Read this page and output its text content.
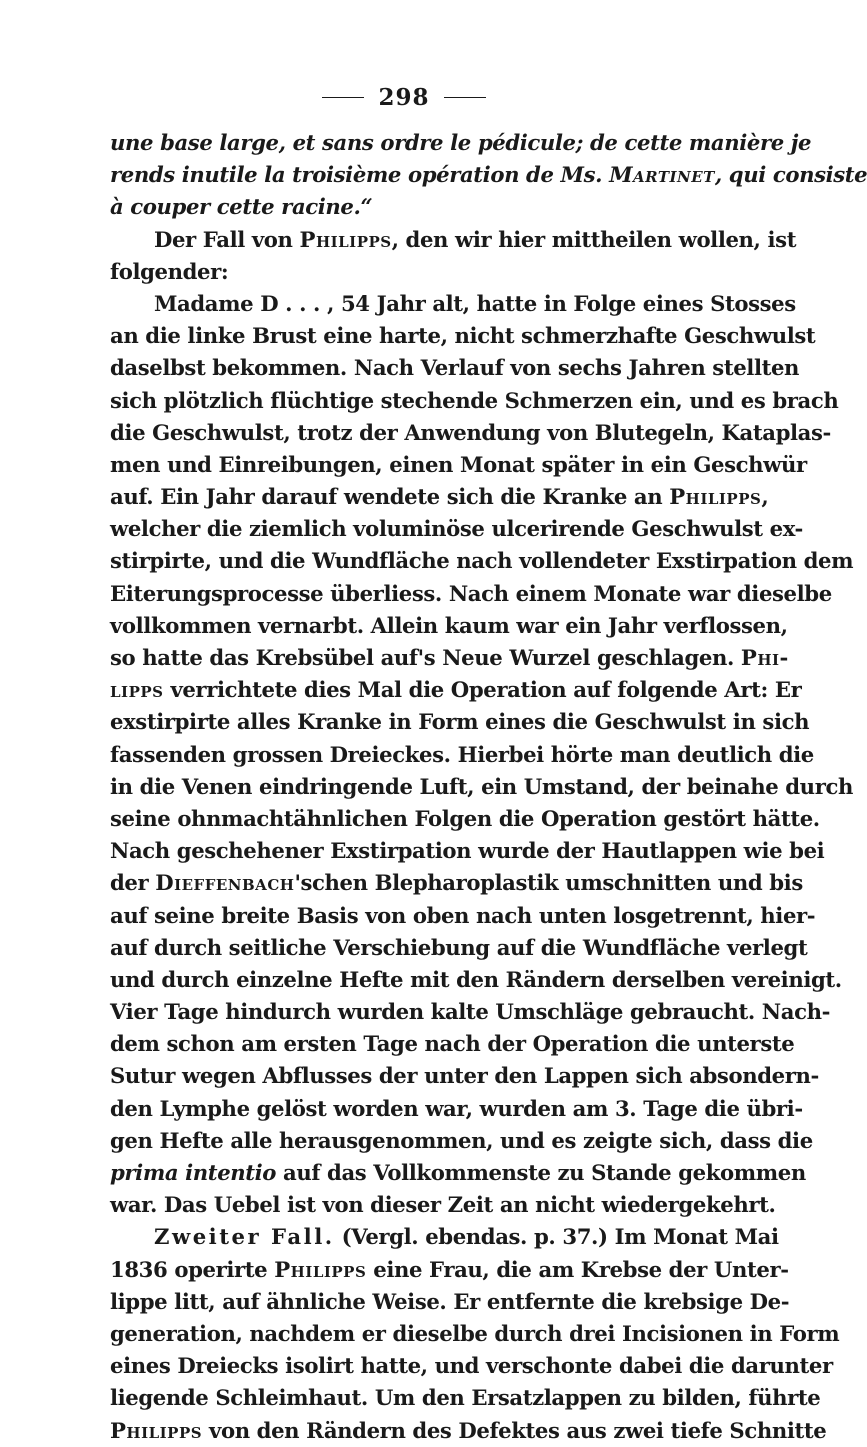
298
une base large, et sans ordre le pédicule; de cette manière je
rends inutile la troisième opération de Ms. Martinet, qui consiste
à couper cette racine.“
Der Fall von Philipps, den wir hier mittheilen wollen, ist
folgender:
Madame D . . . , 54 Jahr alt, hatte in Folge eines Stosses
an die linke Brust eine harte, nicht schmerzhafte Geschwulst
daselbst bekommen. Nach Verlauf von sechs Jahren stellten
sich plötzlich flüchtige stechende Schmerzen ein, und es brach
die Geschwulst, trotz der Anwendung von Blutegeln, Kataplas-
men und Einreibungen, einen Monat später in ein Geschwür
auf. Ein Jahr darauf wendete sich die Kranke an Philipps,
welcher die ziemlich voluminöse ulcerirende Geschwulst ex-
stirpirte, und die Wundfläche nach vollendeter Exstirpation dem
Eiterungsprocesse überliess. Nach einem Monate war dieselbe
vollkommen vernarbt. Allein kaum war ein Jahr verflossen,
so hatte das Krebsübel auf's Neue Wurzel geschlagen. Phi-
lipps verrichtete dies Mal die Operation auf folgende Art: Er
exstirpirte alles Kranke in Form eines die Geschwulst in sich
fassenden grossen Dreieckes. Hierbei hörte man deutlich die
in die Venen eindringende Luft, ein Umstand, der beinahe durch
seine ohnmachtähnlichen Folgen die Operation gestört hätte.
Nach geschehener Exstirpation wurde der Hautlappen wie bei
der Dieffenbach'schen Blepharoplastik umschnitten und bis
auf seine breite Basis von oben nach unten losgetrennt, hier-
auf durch seitliche Verschiebung auf die Wundfläche verlegt
und durch einzelne Hefte mit den Rändern derselben vereinigt.
Vier Tage hindurch wurden kalte Umschläge gebraucht. Nach-
dem schon am ersten Tage nach der Operation die unterste
Sutur wegen Abflusses der unter den Lappen sich absondern-
den Lymphe gelöst worden war, wurden am 3. Tage die übri-
gen Hefte alle herausgenommen, und es zeigte sich, dass die
prima intentio auf das Vollkommenste zu Stande gekommen
war. Das Uebel ist von dieser Zeit an nicht wiedergekehrt.
Zweiter Fall. (Vergl. ebendas. p. 37.) Im Monat Mai
1836 operirte Philipps eine Frau, die am Krebse der Unter-
lippe litt, auf ähnliche Weise. Er entfernte die krebsige De-
generation, nachdem er dieselbe durch drei Incisionen in Form
eines Dreiecks isolirt hatte, und verschonte dabei die darunter
liegende Schleimhaut. Um den Ersatzlappen zu bilden, führte
Philipps von den Rändern des Defektes aus zwei tiefe Schnitte
